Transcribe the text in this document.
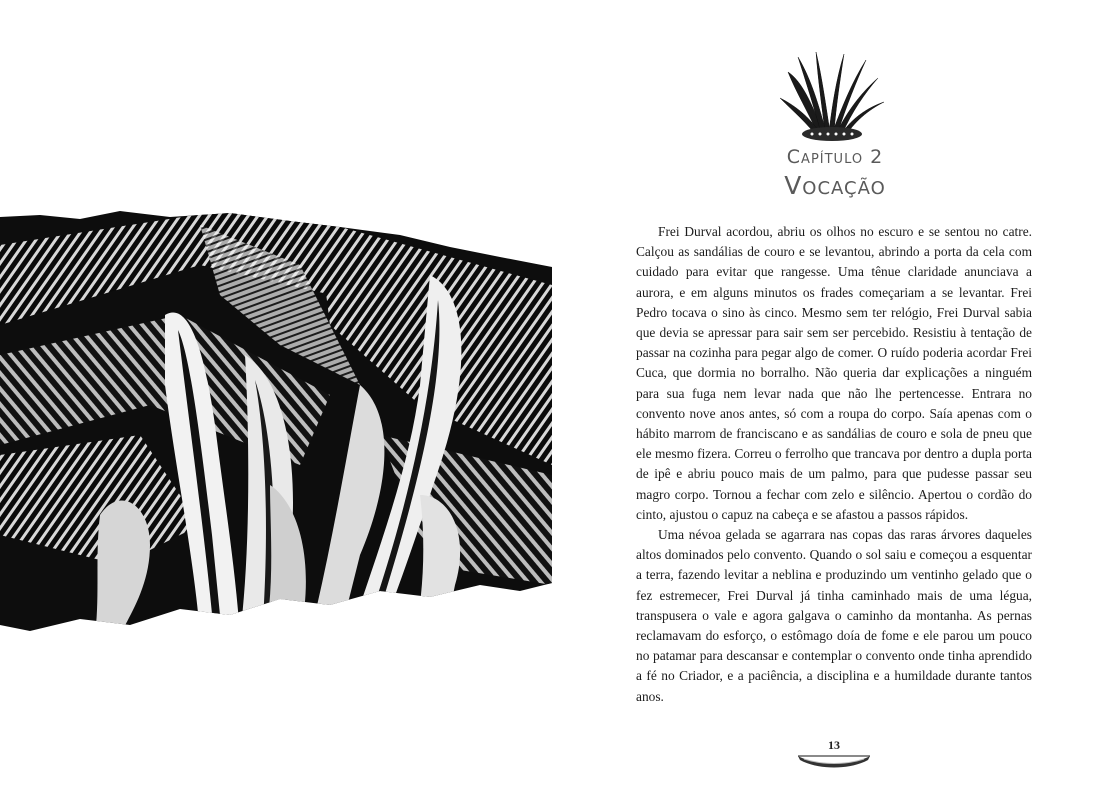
Capítulo 2
Vocação

Frei Durval acordou, abriu os olhos no escuro e se sentou no catre. Calçou as sandálias de couro e se levantou, abrindo a porta da cela com cuidado para evitar que rangesse. Uma tênue claridade anunciava a aurora, e em alguns minutos os frades começariam a se levantar. Frei Pedro tocava o sino às cinco. Mesmo sem ter relógio, Frei Durval sabia que devia se apressar para sair sem ser percebido. Resistiu à tentação de passar na cozinha para pegar algo de comer. O ruído poderia acordar Frei Cuca, que dormia no borralho. Não queria dar explicações a ninguém para sua fuga nem levar nada que não lhe pertencesse. Entrara no convento nove anos antes, só com a roupa do corpo. Saía apenas com o hábito marrom de franciscano e as sandálias de couro e sola de pneu que ele mesmo fizera. Correu o ferrolho que trancava por dentro a dupla porta de ipê e abriu pouco mais de um palmo, para que pudesse passar seu magro corpo. Tornou a fechar com zelo e silêncio. Apertou o cordão do cinto, ajustou o capuz na cabeça e se afastou a passos rápidos.

Uma névoa gelada se agarrara nas copas das raras árvores daqueles altos dominados pelo convento. Quando o sol saiu e começou a esquentar a terra, fazendo levitar a neblina e produzindo um ventinho gelado que o fez estremecer, Frei Durval já tinha caminhado mais de uma légua, transpusera o vale e agora galgava o caminho da montanha. As pernas reclamavam do esforço, o estômago doía de fome e ele parou um pouco no patamar para descansar e contemplar o convento onde tinha aprendido a fé no Criador, e a paciência, a disciplina e a humildade durante tantos anos.

13
